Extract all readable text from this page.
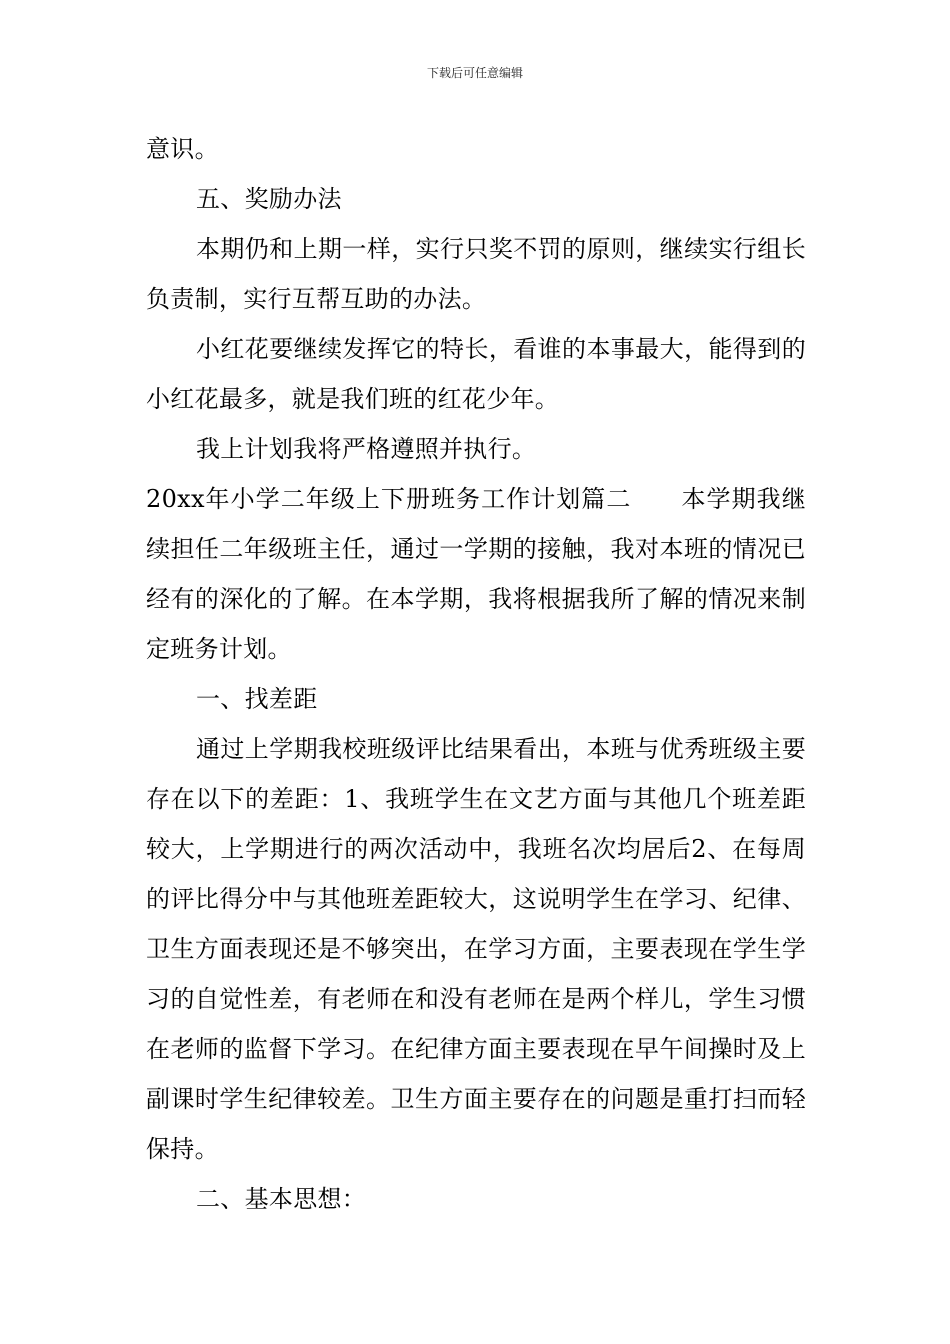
下载后可任意编辑

意识。

五、奖励办法

本期仍和上期一样，实行只奖不罚的原则，继续实行组长负责制，实行互帮互助的办法。

小红花要继续发挥它的特长，看谁的本事最大，能得到的小红花最多，就是我们班的红花少年。

我上计划我将严格遵照并执行。

20xx年小学二年级上下册班务工作计划篇二　　本学期我继续担任二年级班主任，通过一学期的接触，我对本班的情况已经有的深化的了解。在本学期，我将根据我所了解的情况来制定班务计划。

一、找差距

通过上学期我校班级评比结果看出，本班与优秀班级主要存在以下的差距：1、我班学生在文艺方面与其他几个班差距较大，上学期进行的两次活动中，我班名次均居后2、在每周的评比得分中与其他班差距较大，这说明学生在学习、纪律、卫生方面表现还是不够突出，在学习方面，主要表现在学生学习的自觉性差，有老师在和没有老师在是两个样儿，学生习惯在老师的监督下学习。在纪律方面主要表现在早午间操时及上副课时学生纪律较差。卫生方面主要存在的问题是重打扫而轻保持。

二、基本思想：
